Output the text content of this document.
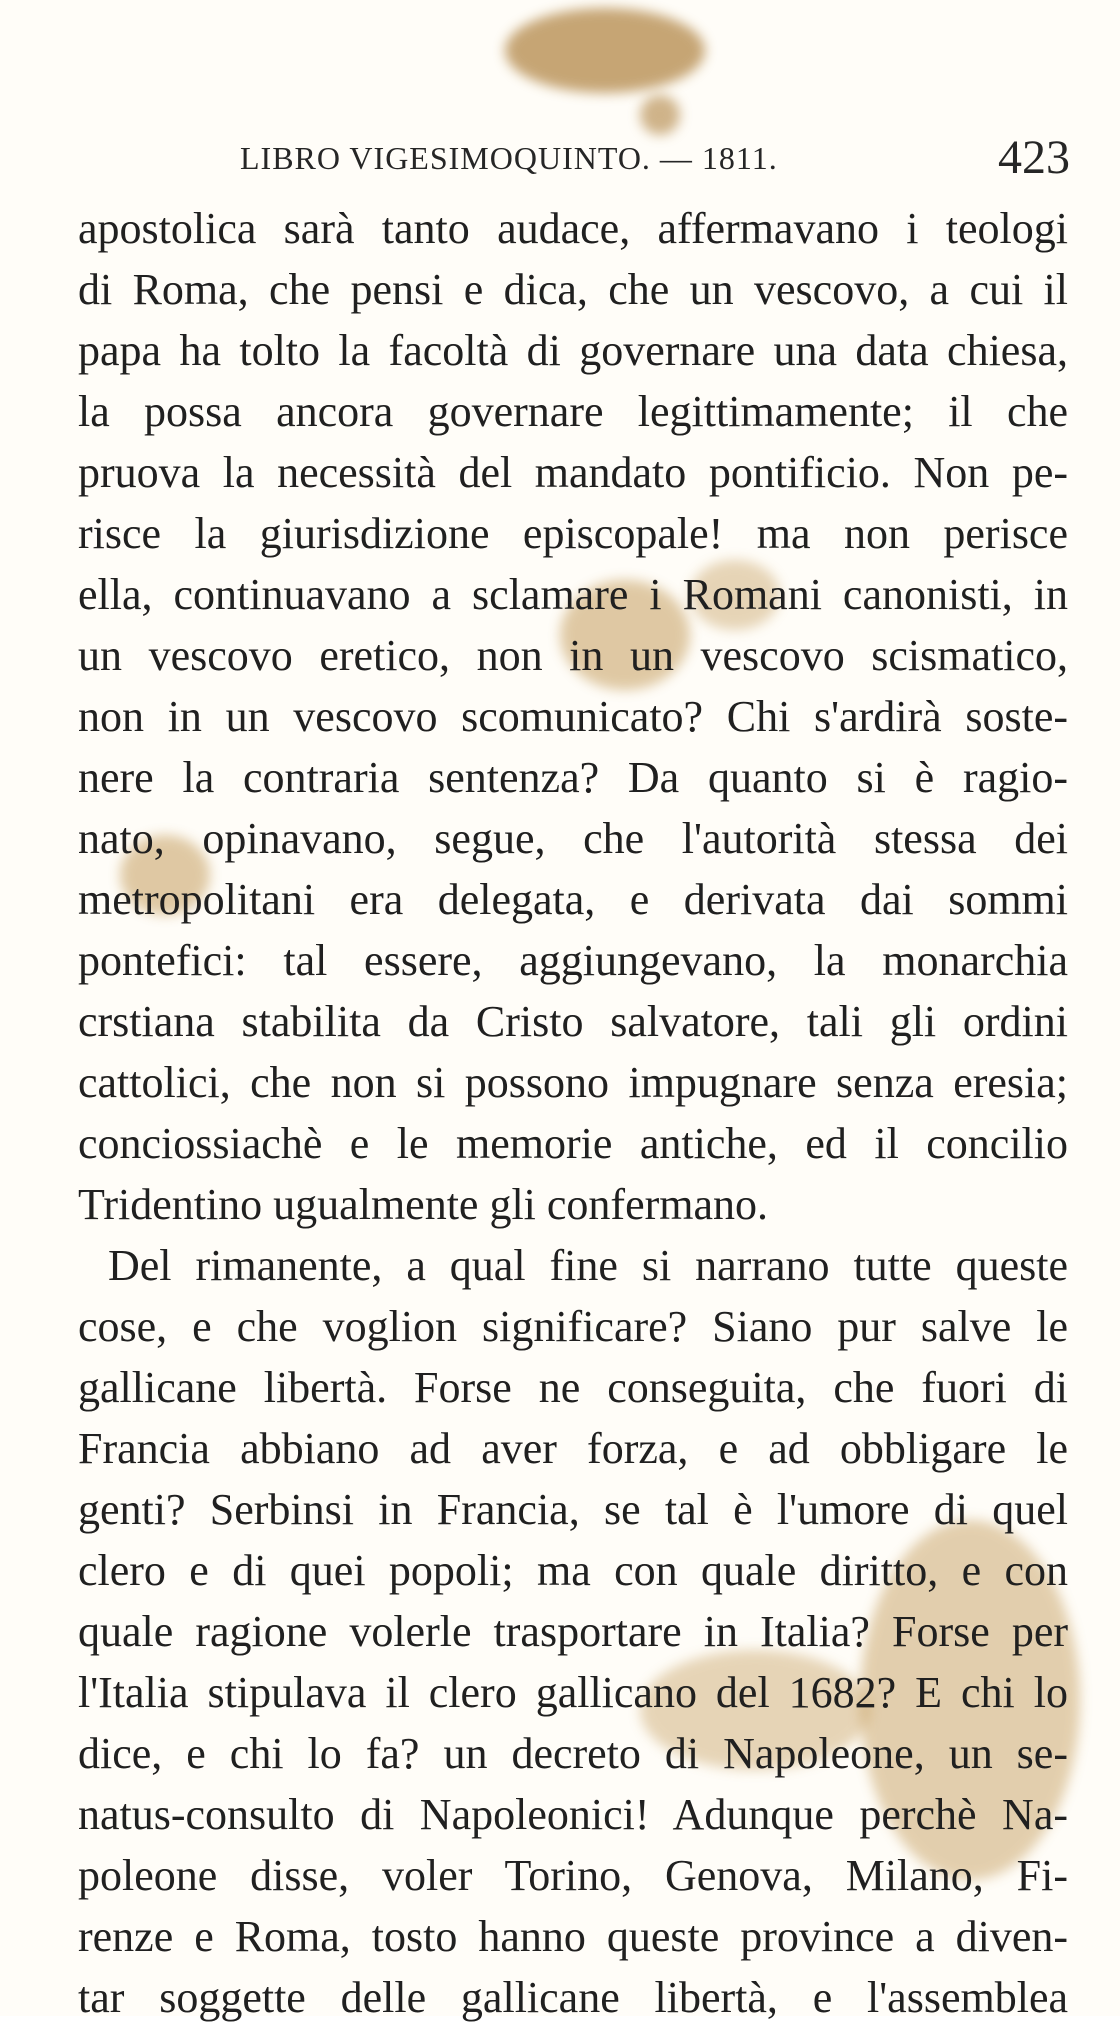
LIBRO VIGESIMOQUINTO. — 1811.	423
apostolica sarà tanto audace, affermavano i teologi
di Roma, che pensi e dica, che un vescovo, a cui il
papa ha tolto la facoltà di governare una data chiesa,
la possa ancora governare legittimamente; il che
pruova la necessità del mandato pontificio. Non pe-
risce la giurisdizione episcopale! ma non perisce
ella, continuavano a sclamare i Romani canonisti, in
un vescovo eretico, non in un vescovo scismatico,
non in un vescovo scomunicato? Chi s'ardirà soste-
nere la contraria sentenza? Da quanto si è ragio-
nato, opinavano, segue, che l'autorità stessa dei
metropolitani era delegata, e derivata dai sommi
pontefici: tal essere, aggiungevano, la monarchia
crstiana stabilita da Cristo salvatore, tali gli ordini
cattolici, che non si possono impugnare senza eresia;
conciossiachè e le memorie antiche, ed il concilio
Tridentino ugualmente gli confermano.
Del rimanente, a qual fine si narrano tutte queste
cose, e che voglion significare? Siano pur salve le
gallicane libertà. Forse ne conseguita, che fuori di
Francia abbiano ad aver forza, e ad obbligare le
genti? Serbinsi in Francia, se tal è l'umore di quel
clero e di quei popoli; ma con quale diritto, e con
quale ragione volerle trasportare in Italia? Forse per
l'Italia stipulava il clero gallicano del 1682? E chi lo
dice, e chi lo fa? un decreto di Napoleone, un se-
natus-consulto di Napoleonici! Adunque perchè Na-
poleone disse, voler Torino, Genova, Milano, Fi-
renze e Roma, tosto hanno queste province a diven-
tar soggette delle gallicane libertà, e l'assemblea
